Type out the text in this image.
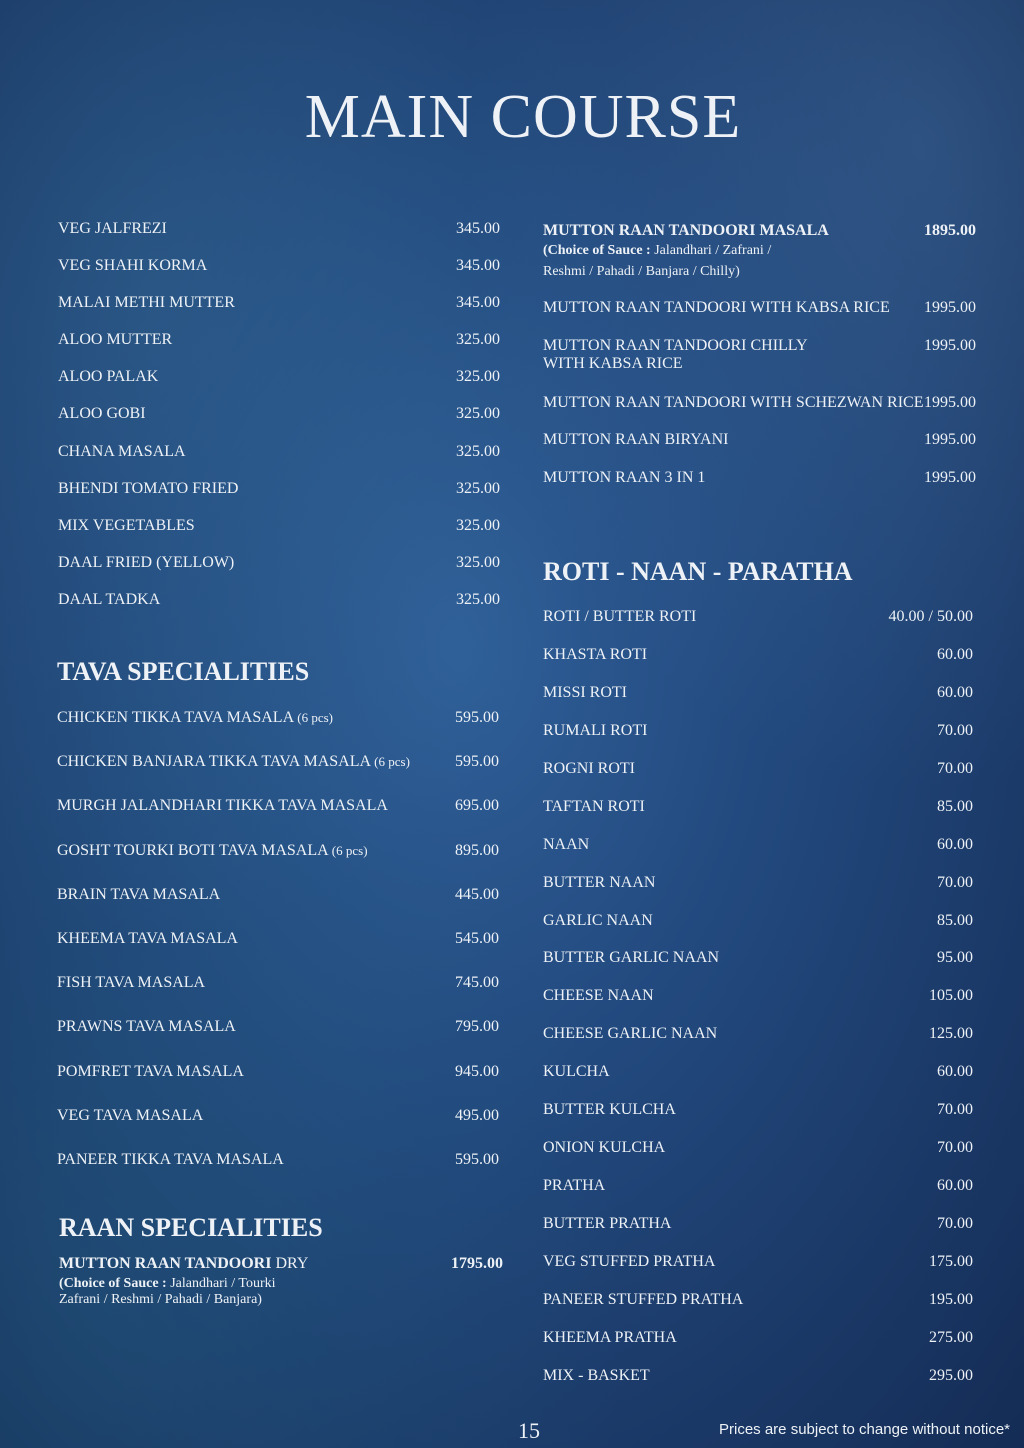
MAIN COURSE
VEG JALFREZI	345.00
VEG SHAHI KORMA	345.00
MALAI METHI MUTTER	345.00
ALOO MUTTER	325.00
ALOO PALAK	325.00
ALOO GOBI	325.00
CHANA MASALA	325.00
BHENDI TOMATO FRIED	325.00
MIX VEGETABLES	325.00
DAAL FRIED (YELLOW)	325.00
DAAL TADKA	325.00
TAVA SPECIALITIES
CHICKEN TIKKA TAVA MASALA (6 pcs)	595.00
CHICKEN BANJARA TIKKA TAVA MASALA (6 pcs)	595.00
MURGH JALANDHARI TIKKA TAVA MASALA	695.00
GOSHT TOURKI BOTI TAVA MASALA (6 pcs)	895.00
BRAIN TAVA MASALA	445.00
KHEEMA TAVA MASALA	545.00
FISH TAVA MASALA	745.00
PRAWNS TAVA MASALA	795.00
POMFRET TAVA MASALA	945.00
VEG TAVA MASALA	495.00
PANEER TIKKA TAVA MASALA	595.00
RAAN SPECIALITIES
MUTTON RAAN TANDOORI DRY	1795.00
(Choice of Sauce : Jalandhari / Tourki
Zafrani / Reshmi / Pahadi / Banjara)
MUTTON RAAN TANDOORI MASALA	1895.00
(Choice of Sauce : Jalandhari / Zafrani /
Reshmi / Pahadi / Banjara / Chilly)
MUTTON RAAN TANDOORI WITH KABSA RICE 1995.00
MUTTON RAAN TANDOORI CHILLY
WITH KABSA RICE
1995.00
MUTTON RAAN TANDOORI WITH SCHEZWAN RICE 1995.00
MUTTON RAAN BIRYANI	1995.00
MUTTON RAAN 3 IN 1	1995.00
ROTI - NAAN - PARATHA
ROTI / BUTTER ROTI	40.00 / 50.00
KHASTA ROTI	60.00
MISSI ROTI	60.00
RUMALI ROTI	70.00
ROGNI ROTI	70.00
TAFTAN ROTI	85.00
NAAN	60.00
BUTTER NAAN	70.00
GARLIC NAAN	85.00
BUTTER GARLIC NAAN	95.00
CHEESE NAAN	105.00
CHEESE GARLIC NAAN	125.00
KULCHA	60.00
BUTTER KULCHA	70.00
ONION KULCHA	70.00
PRATHA	60.00
BUTTER PRATHA	70.00
VEG STUFFED PRATHA	175.00
PANEER STUFFED PRATHA	195.00
KHEEMA PRATHA	275.00
MIX - BASKET	295.00
15	Prices are subject to change without notice*
